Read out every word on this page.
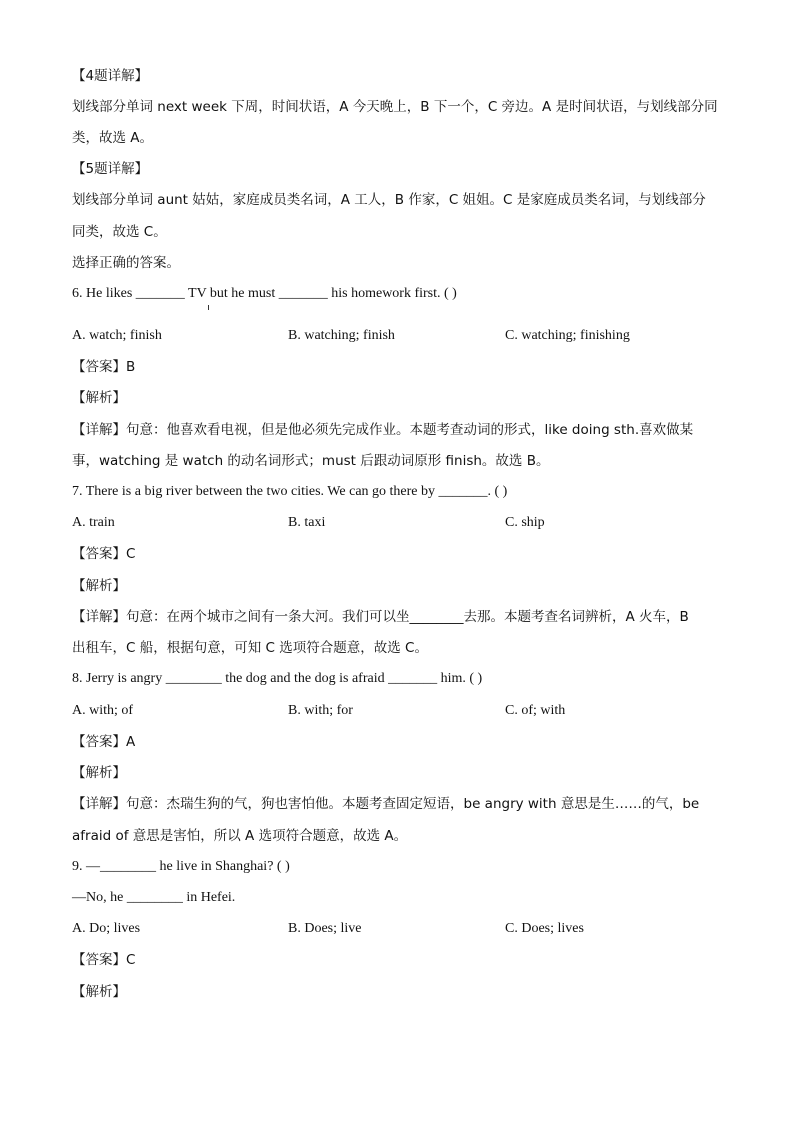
【4题详解】
划线部分单词 next week 下周，时间状语，A 今天晚上，B 下一个，C 旁边。A 是时间状语，与划线部分同
类，故选 A。
【5题详解】
划线部分单词 aunt 姑姑，家庭成员类名词，A 工人，B 作家，C 姐姐。C 是家庭成员类名词，与划线部分
同类，故选 C。
选择正确的答案。
6. He likes _______ TV but he must _______ his homework first. ( )
A. watch; finish	B. watching; finish	C. watching; finishing
【答案】B
【解析】
【详解】句意：他喜欢看电视，但是他必须先完成作业。本题考查动词的形式，like doing sth.喜欢做某
事，watching 是 watch 的动名词形式；must 后跟动词原形 finish。故选 B。
7. There is a big river between the two cities. We can go there by _______. ( )
A. train	B. taxi	C. ship
【答案】C
【解析】
【详解】句意：在两个城市之间有一条大河。我们可以坐________去那。本题考查名词辨析，A 火车，B
出租车，C 船，根据句意，可知 C 选项符合题意，故选 C。
8. Jerry is angry ________ the dog and the dog is afraid _______ him. ( )
A. with; of	B. with; for	C. of; with
【答案】A
【解析】
【详解】句意：杰瑞生狗的气，狗也害怕他。本题考查固定短语，be angry with 意思是生……的气，be
afraid of 意思是害怕，所以 A 选项符合题意，故选 A。
9. —________ he live in Shanghai? ( )
—No, he ________ in Hefei.
A. Do; lives	B. Does; live	C. Does; lives
【答案】C
【解析】
